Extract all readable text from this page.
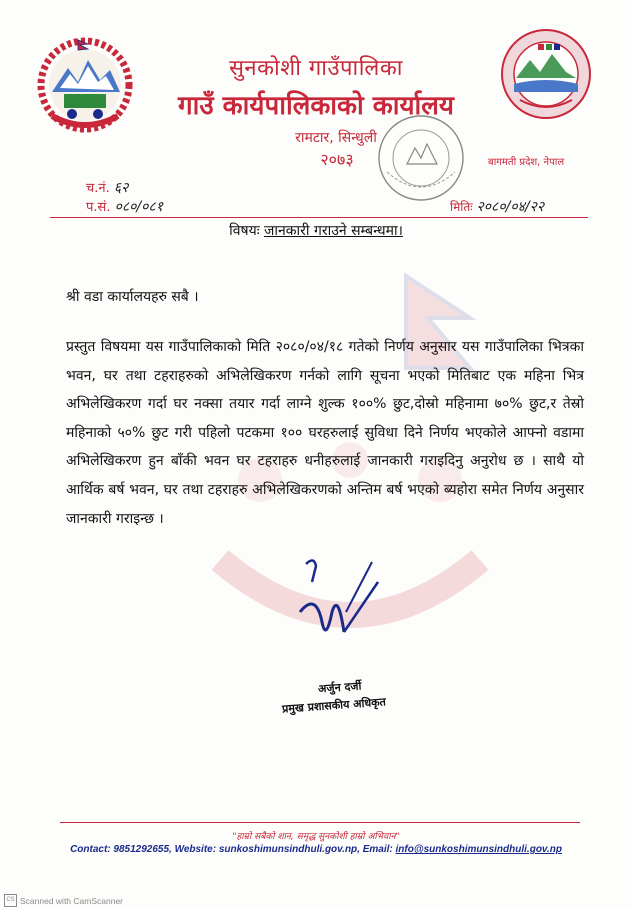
सुनकोशी गाउँपालिका
गाउँ कार्यपालिकाको कार्यालय
रामटार, सिन्धुली
२०७३	बागमती प्रदेश, नेपाल
च.नं. ६२
प.सं. ०८०/०८१	मितिः २०८०/०४/२२
विषयः जानकारी गराउने सम्बन्धमा।
श्री वडा कार्यालयहरु सबै ।
प्रस्तुत विषयमा यस गाउँपालिकाको मिति २०८०/०४/१८ गतेको निर्णय अनुसार यस गाउँपालिका भित्रका भवन, घर तथा टहराहरुको अभिलेखिकरण गर्नको लागि सूचना भएको मितिबाट एक महिना भित्र अभिलेखिकरण गर्दा घर नक्सा तयार गर्दा लाग्ने शुल्क १००% छुट,दोस्रो महिनामा ७०% छुट,र तेस्रो महिनाको ५०% छुट गरी पहिलो पटकमा १०० घरहरुलाई सुविधा दिने निर्णय भएकोले आफ्नो वडामा अभिलेखिकरण हुन बाँकी भवन घर टहराहरु धनीहरुलाई जानकारी गराइदिनु अनुरोध छ । साथै यो आर्थिक बर्ष भवन, घर तथा टहराहरु अभिलेखिकरणको अन्तिम बर्ष भएको ब्यहोरा समेत निर्णय अनुसार जानकारी गराइन्छ ।
अर्जुन दर्जी
प्रमुख प्रशासकीय अधिकृत
"हाम्रो सबैको शान, समृद्ध सुनकोशी हाम्रो अभियान"
Contact: 9851292655, Website: sunkoshimunsindhuli.gov.np, Email: info@sunkoshimunsindhuli.gov.np
CS Scanned with CamScanner
